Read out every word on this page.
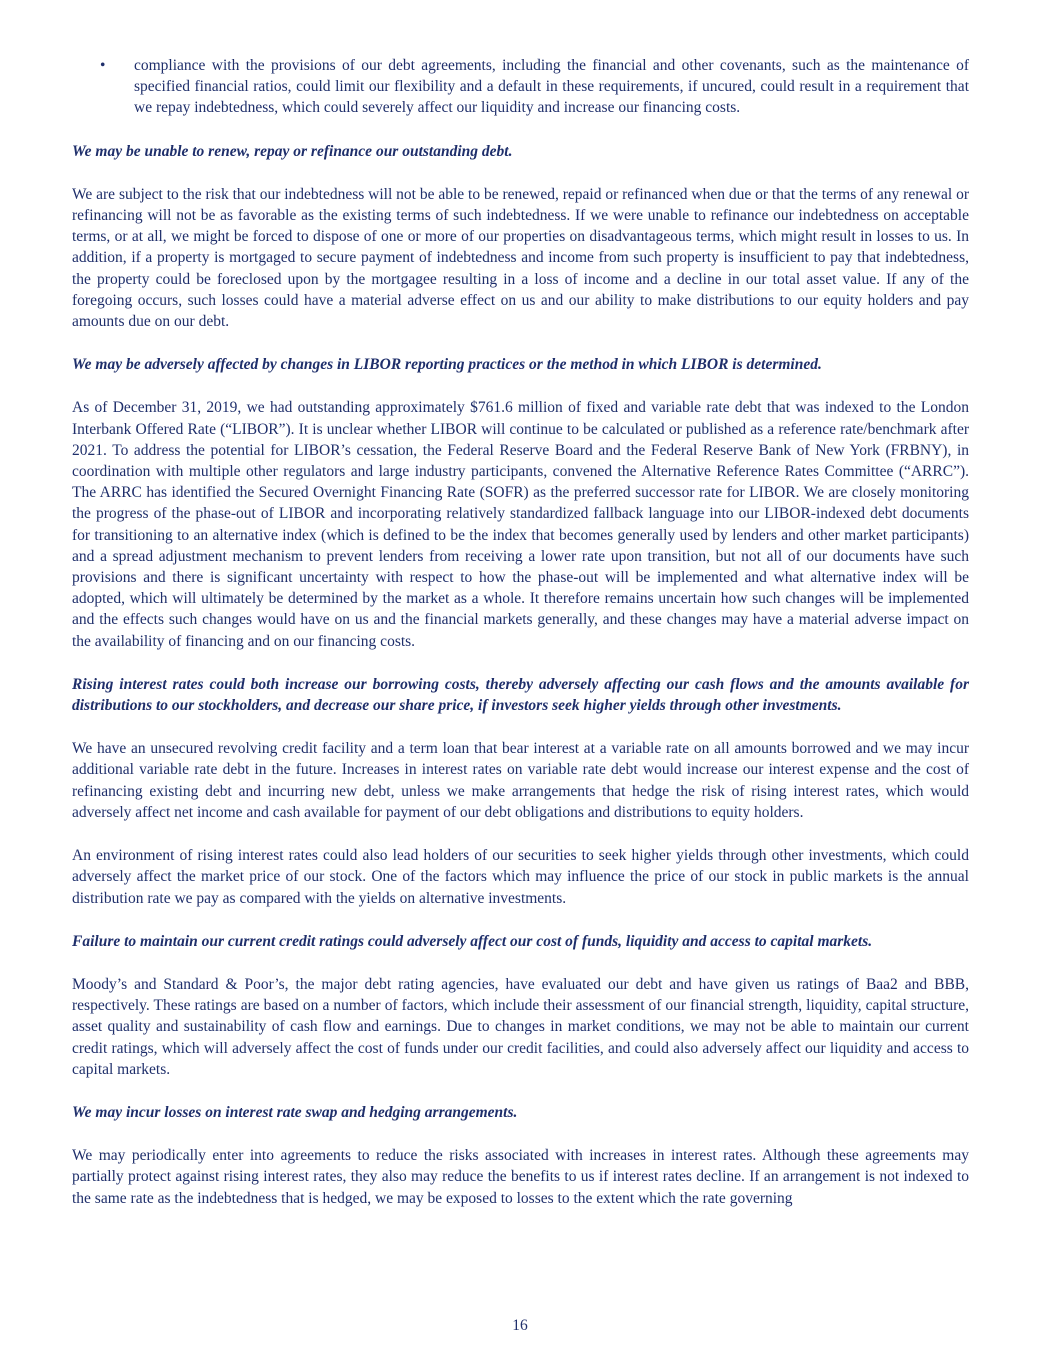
• compliance with the provisions of our debt agreements, including the financial and other covenants, such as the maintenance of specified financial ratios, could limit our flexibility and a default in these requirements, if uncured, could result in a requirement that we repay indebtedness, which could severely affect our liquidity and increase our financing costs.

We may be unable to renew, repay or refinance our outstanding debt.

We are subject to the risk that our indebtedness will not be able to be renewed, repaid or refinanced when due or that the terms of any renewal or refinancing will not be as favorable as the existing terms of such indebtedness. If we were unable to refinance our indebtedness on acceptable terms, or at all, we might be forced to dispose of one or more of our properties on disadvantageous terms, which might result in losses to us. In addition, if a property is mortgaged to secure payment of indebtedness and income from such property is insufficient to pay that indebtedness, the property could be foreclosed upon by the mortgagee resulting in a loss of income and a decline in our total asset value. If any of the foregoing occurs, such losses could have a material adverse effect on us and our ability to make distributions to our equity holders and pay amounts due on our debt.

We may be adversely affected by changes in LIBOR reporting practices or the method in which LIBOR is determined.

As of December 31, 2019, we had outstanding approximately $761.6 million of fixed and variable rate debt that was indexed to the London Interbank Offered Rate (“LIBOR”). It is unclear whether LIBOR will continue to be calculated or published as a reference rate/benchmark after 2021. To address the potential for LIBOR’s cessation, the Federal Reserve Board and the Federal Reserve Bank of New York (FRBNY), in coordination with multiple other regulators and large industry participants, convened the Alternative Reference Rates Committee (“ARRC”). The ARRC has identified the Secured Overnight Financing Rate (SOFR) as the preferred successor rate for LIBOR. We are closely monitoring the progress of the phase-out of LIBOR and incorporating relatively standardized fallback language into our LIBOR-indexed debt documents for transitioning to an alternative index (which is defined to be the index that becomes generally used by lenders and other market participants) and a spread adjustment mechanism to prevent lenders from receiving a lower rate upon transition, but not all of our documents have such provisions and there is significant uncertainty with respect to how the phase-out will be implemented and what alternative index will be adopted, which will ultimately be determined by the market as a whole. It therefore remains uncertain how such changes will be implemented and the effects such changes would have on us and the financial markets generally, and these changes may have a material adverse impact on the availability of financing and on our financing costs.

Rising interest rates could both increase our borrowing costs, thereby adversely affecting our cash flows and the amounts available for distributions to our stockholders, and decrease our share price, if investors seek higher yields through other investments.

We have an unsecured revolving credit facility and a term loan that bear interest at a variable rate on all amounts borrowed and we may incur additional variable rate debt in the future. Increases in interest rates on variable rate debt would increase our interest expense and the cost of refinancing existing debt and incurring new debt, unless we make arrangements that hedge the risk of rising interest rates, which would adversely affect net income and cash available for payment of our debt obligations and distributions to equity holders.

An environment of rising interest rates could also lead holders of our securities to seek higher yields through other investments, which could adversely affect the market price of our stock. One of the factors which may influence the price of our stock in public markets is the annual distribution rate we pay as compared with the yields on alternative investments.

Failure to maintain our current credit ratings could adversely affect our cost of funds, liquidity and access to capital markets.

Moody’s and Standard & Poor’s, the major debt rating agencies, have evaluated our debt and have given us ratings of Baa2 and BBB, respectively. These ratings are based on a number of factors, which include their assessment of our financial strength, liquidity, capital structure, asset quality and sustainability of cash flow and earnings. Due to changes in market conditions, we may not be able to maintain our current credit ratings, which will adversely affect the cost of funds under our credit facilities, and could also adversely affect our liquidity and access to capital markets.

We may incur losses on interest rate swap and hedging arrangements.

We may periodically enter into agreements to reduce the risks associated with increases in interest rates. Although these agreements may partially protect against rising interest rates, they also may reduce the benefits to us if interest rates decline. If an arrangement is not indexed to the same rate as the indebtedness that is hedged, we may be exposed to losses to the extent which the rate governing

16
